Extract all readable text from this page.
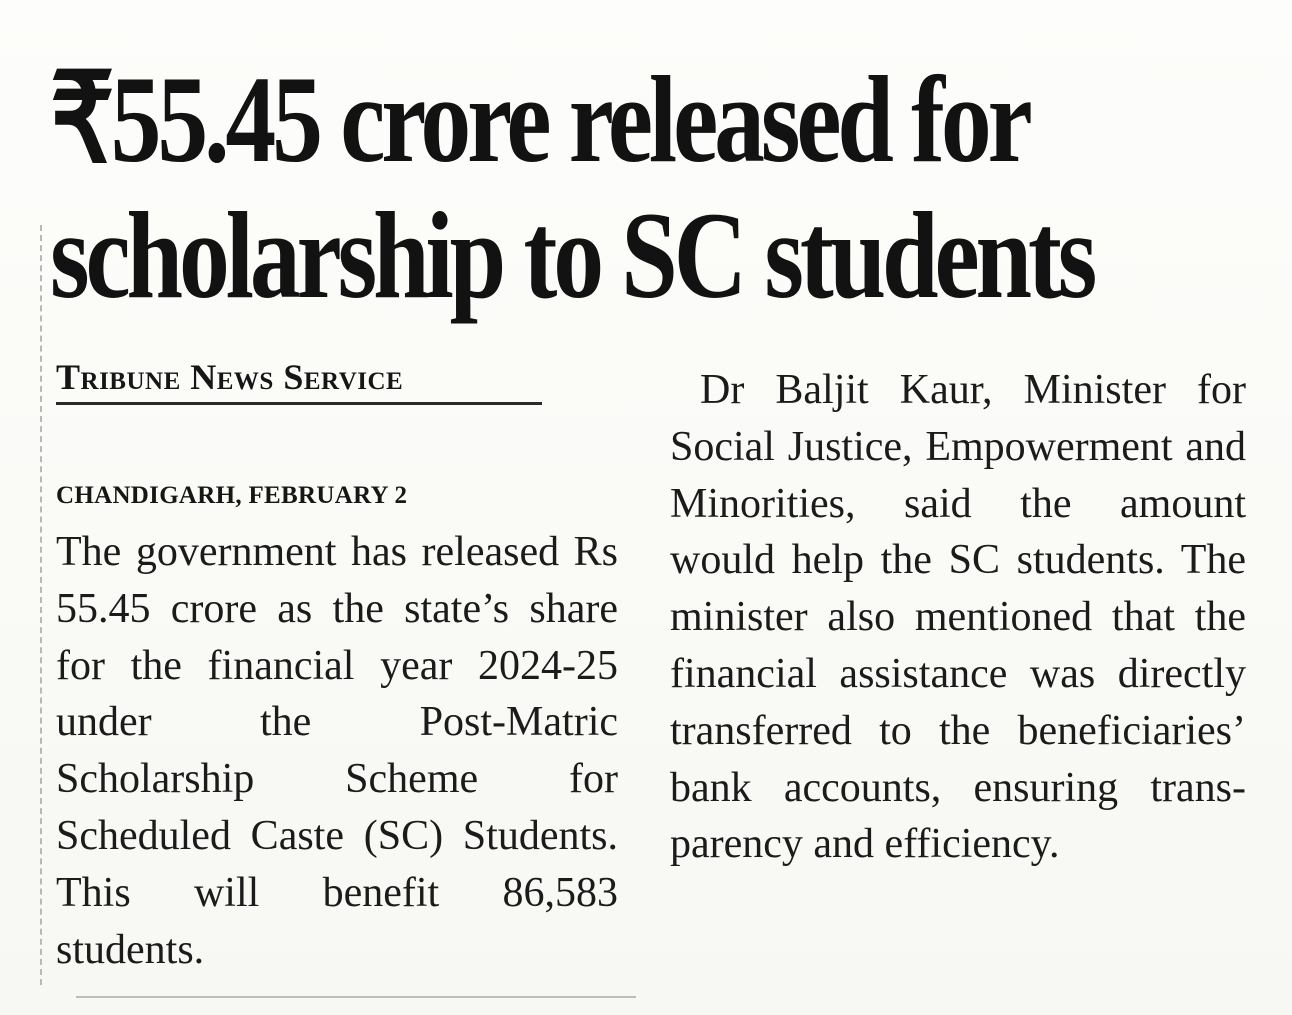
₹55.45 crore released for
scholarship to SC students
Tribune News Service
CHANDIGARH, FEBRUARY 2

The government has released Rs 55.45 crore as the state’s share for the financial year 2024-25 under the Post-Matric Scholarship Scheme for Scheduled Caste (SC) Students. This will benefit 86,583 students.

Dr Baljit Kaur, Minister for Social Justice, Empowerment and Minorities, said the amount would help the SC students. The minister also mentioned that the financial assistance was directly transferred to the beneficiaries’ bank accounts, ensuring transparency and efficiency.
